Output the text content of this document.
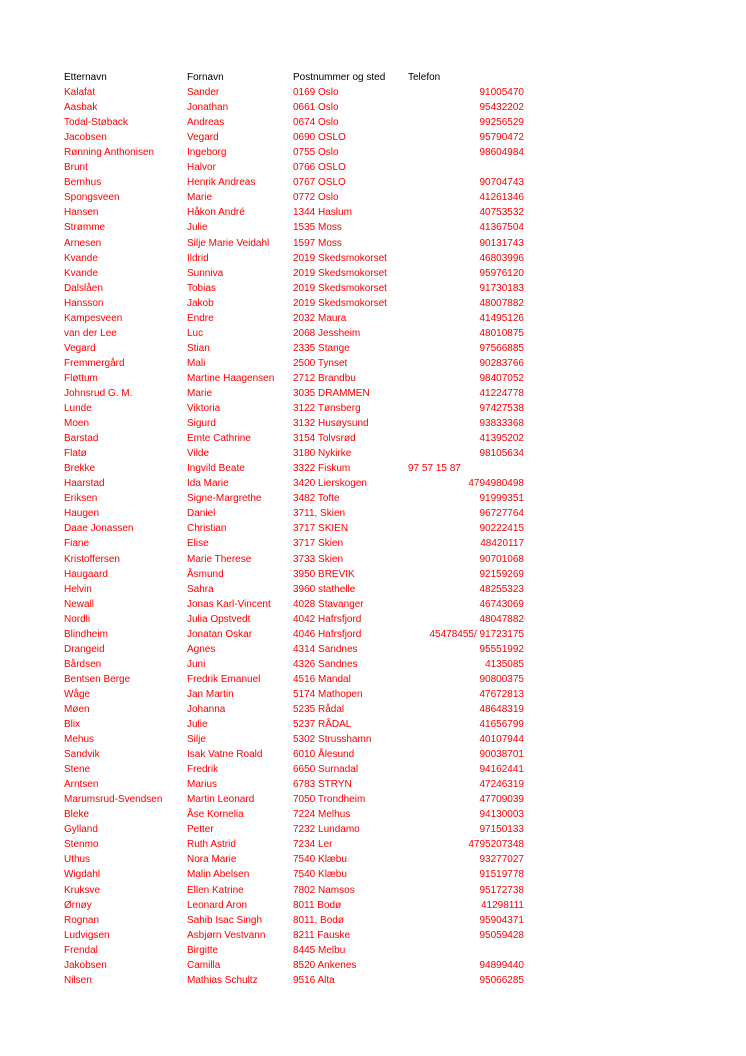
Etternavn	Fornavn	Postnummer og sted	Telefon
Kalafat	Sander	0169 Oslo	91005470
Aasbak	Jonathan	0661 Oslo	95432202
Todal-Støback	Andreas	0674 Oslo	99256529
Jacobsen	Vegard	0690 OSLO	95790472
Rønning Anthonisen	Ingeborg	0755 Oslo	98604984
Brunt	Halvor	0766 OSLO	
Bernhus	Henrik Andreas	0767 OSLO	90704743
Spongsveen	Marie	0772 Oslo	41261346
Hansen	Håkon André	1344 Haslum	40753532
Strømme	Julie	1535 Moss	41367504
Arnesen	Silje Marie Veidahl	1597 Moss	90131743
Kvande	Ildrid	2019 Skedsmokorset	46803996
Kvande	Sunniva	2019 Skedsmokorset	95976120
Dalslåen	Tobias	2019 Skedsmokorset	91730183
Hansson	Jakob	2019 Skedsmokorset	48007882
Kampesveen	Endre	2032 Maura	41495126
van der Lee	Luc	2068 Jessheim	48010875
Vegard	Stian	2335 Stange	97566885
Fremmergård	Mali	2500 Tynset	90283766
Fløttum	Martine Haagensen	2712 Brandbu	98407052
Johnsrud G. M.	Marie	3035 DRAMMEN	41224778
Lunde	Viktoria	3122 Tønsberg	97427538
Moen	Sigurd	3132 Husøysund	93833368
Barstad	Emte Cathrine	3154 Tolvsrød	41395202
Flatø	Vilde	3180 Nykirke	98105634
Brekke	Ingvild Beate	3322 Fiskum	97 57 15 87
Haarstad	Ida Marie	3420 Lierskogen	4794980498
Eriksen	Signe-Margrethe	3482 Tofte	91999351
Haugen	Daniel	3711, Skien	96727764
Daae Jonassen	Christian	3717 SKIEN	90222415
Fiane	Elise	3717 Skien	48420117
Kristoffersen	Marie Therese	3733 Skien	90701068
Haugaard	Åsmund	3950 BREVIK	92159269
Helvin	Sahra	3960 stathelle	48255323
Newall	Jonas Karl-Vincent	4028 Stavanger	46743069
Nordli	Julia Opstvedt	4042 Hafrsfjord	48047882
Blindheim	Jonatan Oskar	4046 Hafrsfjord	45478455/ 91723175
Drangeid	Agnes	4314 Sandnes	95551992
Bårdsen	Juni	4326 Sandnes	4135085
Bentsen Berge	Fredrik Emanuel	4516 Mandal	90800375
Wåge	Jan Martin	5174 Mathopen	47672813
Møen	Johanna	5235 Rådal	48648319
Blix	Julie	5237 RÅDAL	41656799
Mehus	Silje	5302 Strusshamn	40107944
Sandvik	Isak Vatne Roald	6010 Ålesund	90038701
Stene	Fredrik	6650 Surnadal	94162441
Arntsen	Marius	6783 STRYN	47246319
Marumsrud-Svendsen	Martin Leonard	7050 Trondheim	47709039
Bleke	Åse Kornelia	7224 Melhus	94130003
Gylland	Petter	7232 Lundamo	97150133
Stenmo	Ruth Astrid	7234 Ler	4795207348
Uthus	Nora Marie	7540 Klæbu	93277027
Wigdahl	Malin Abelsen	7540 Klæbu	91519778
Kruksve	Ellen Katrine	7802 Namsos	95172738
Ørnøy	Leonard Aron	8011 Bodø	41298111
Rognan	Sahib Isac Singh	8011, Bodø	95904371
Ludvigsen	Asbjørn Vestvann	8211 Fauske	95059428
Frendal	Birgitte	8445 Melbu	
Jakobsen	Camilla	8520 Ankenes	94899440
Nilsen	Mathias Schultz	9516 Alta	95066285
